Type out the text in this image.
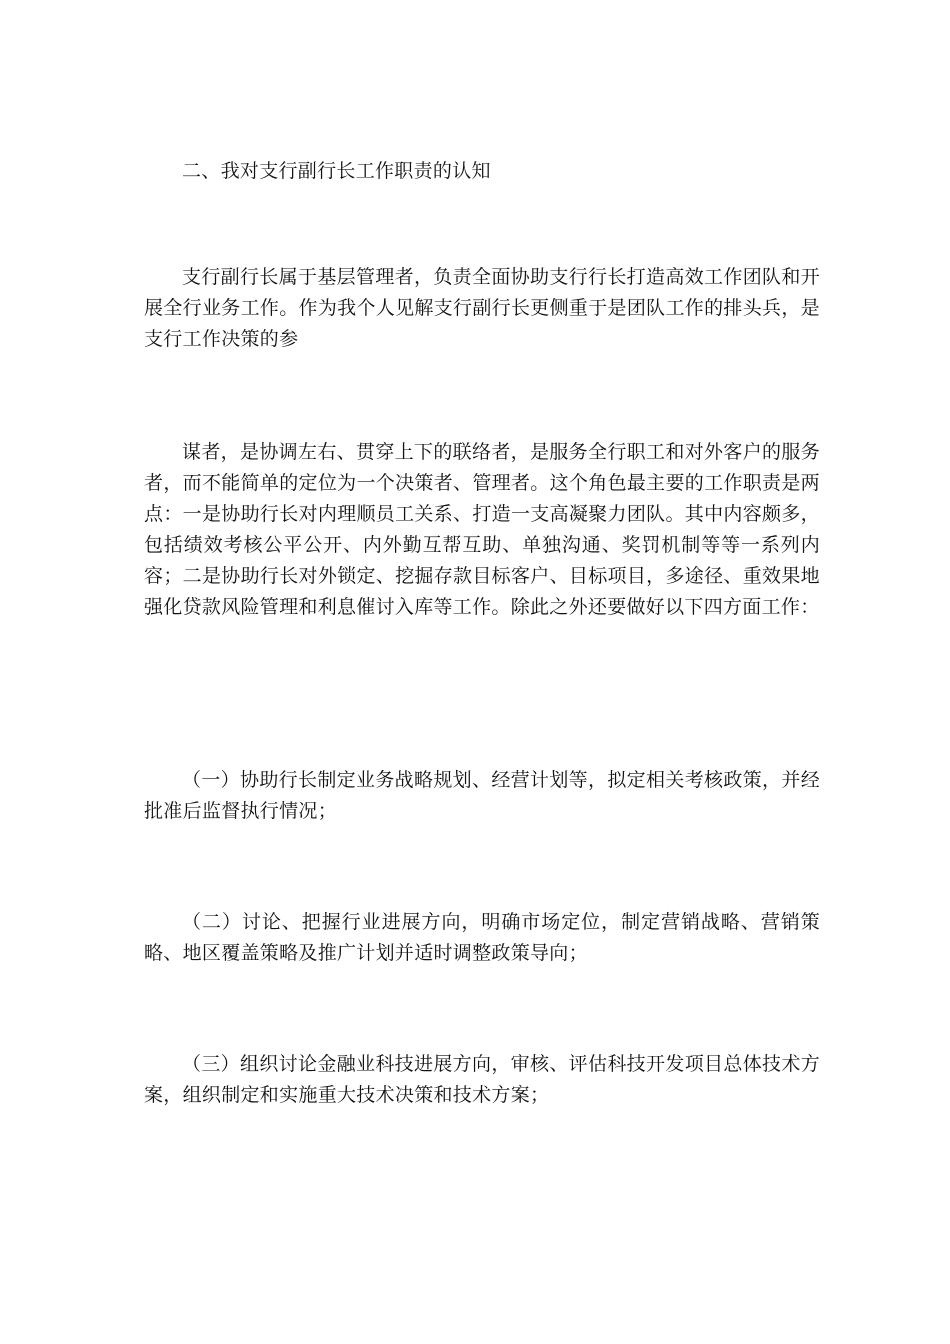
二、我对支行副行长工作职责的认知

支行副行长属于基层管理者，负责全面协助支行行长打造高效工作团队和开展全行业务工作。作为我个人见解支行副行长更侧重于是团队工作的排头兵，是支行工作决策的参

谋者，是协调左右、贯穿上下的联络者，是服务全行职工和对外客户的服务者，而不能简单的定位为一个决策者、管理者。这个角色最主要的工作职责是两点：一是协助行长对内理顺员工关系、打造一支高凝聚力团队。其中内容颇多，包括绩效考核公平公开、内外勤互帮互助、单独沟通、奖罚机制等等一系列内容；二是协助行长对外锁定、挖掘存款目标客户、目标项目，多途径、重效果地强化贷款风险管理和利息催讨入库等工作。除此之外还要做好以下四方面工作：

（一）协助行长制定业务战略规划、经营计划等，拟定相关考核政策，并经批准后监督执行情况；

（二）讨论、把握行业进展方向，明确市场定位，制定营销战略、营销策略、地区覆盖策略及推广计划并适时调整政策导向；

（三）组织讨论金融业科技进展方向，审核、评估科技开发项目总体技术方案，组织制定和实施重大技术决策和技术方案；
